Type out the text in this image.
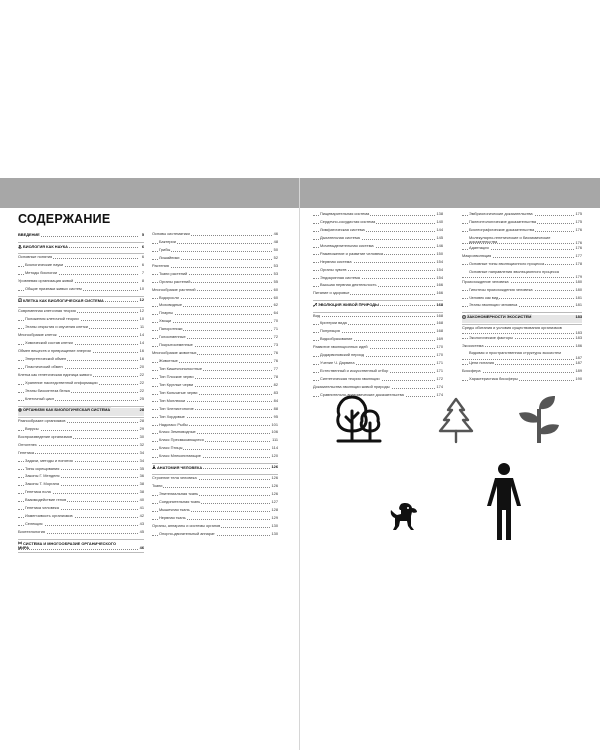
СОДЕРЖАНИЕ
ВВЕДЕНИЕ	5
БИОЛОГИЯ КАК НАУКА	6
Основные понятия	6
Биологические науки	6
Методы биологии	7
Уровневая организация живой	8
Общие признаки живых систем	10
КЛЕТКА КАК БИОЛОГИЧЕСКАЯ СИСТЕМА	12
Современная клеточная теория	12
Положения клеточной теории	10
Этапы открытия и изучения клетки	11
Многообразие клеток	14
Химический состав клетки	14
Обмен веществ и превращение энергии	16
Энергетический обмен	16
Пластический обмен	20
Клетка как генетическая единица живого	22
Хранение наследственной информации	22
Этапы биосинтеза белка	22
Клеточный цикл	25
ОРГАНИЗМ КАК БИОЛОГИЧЕСКАЯ СИСТЕМА	28
Разнообразие организмов	28
Вирусы	29
Воспроизведение организмов	30
Онтогенез	32
Генетика	34
Задачи, методы и понятия	34
Типы скрещивания	35
Законы Г. Менделя	36
Законы Т. Моргана	38
Генетика пола	38
Взаимодействие генов	40
Генетика человека	41
Изменчивость организмов	42
Селекция	43
Биотехнология	45
СИСТЕМА И МНОГООБРАЗИЕ ОРГАНИЧЕСКОГО МИРА	46
Основы систематики	46
Бактерии	48
Грибы	50
Лишайники	52
Растения	53
Ткани растений	53
Органы растений	55
Многообразие растений	60
Водоросли	60
Моховидные	62
Плауны	64
Хвощи	70
Папоротники	71
Голосеменные	72
Покрытосеменные	73
Многообразие животных	76
Животные	76
Тип Кишечнополостные	77
Тип Плоские черви	78
Тип Круглые черви	82
Тип Кольчатые черви	83
Тип Моллюски	84
Тип Членистоногие	88
Тип Хордовые	95
Надкласс Рыбы	101
Класс Земноводные	106
Класс Пресмыкающиеся	111
Класс Птицы	114
Класс Млекопитающие	120
АНАТОМИЯ ЧЕЛОВЕКА	126
Строение тела человека	126
Ткани	126
Эпителиальная ткань	126
Соединительная ткань	127
Мышечная ткань	128
Нервная ткань	129
Органы, аппараты и системы органов	130
Опорно-двигательный аппарат	130
Пищеварительная система	138
Сердечно-сосудистая система	140
Лимфатическая система	144
Дыхательная система	145
Мочевыделительная система	146
Размножение и развитие человека	150
Нервная система	154
Органы чувств	154
Эндокринная система	154
Высшая нервная деятельность	166
Питание и здоровье	166
ЭВОЛЮЦИЯ ЖИВОЙ ПРИРОДЫ	168
Вид	168
Критерии вида	168
Популяция	168
Видообразование	169
Развитие эволюционных идей	170
Додарвиновский период	170
Учение Ч. Дарвина	171
Естественный и искусственный отбор	171
Синтетическая теория эволюции	172
Доказательства эволюции живой природы	174
Сравнительно-анатомические доказательства	174
Эмбриологические доказательства	175
Палеонтологические доказательства	175
Биогеографические доказательства	176
Молекулярно-генетические и биохимические доказательства	176
Адаптация	176
Макроэволюция	177
Основные типы эволюционного процесса	178
Основные направления эволюционного процесса
179
Происхождение человека	180
Гипотезы происхождения человека	180
Человек как вид	181
Этапы эволюции человека	181
ЗАКОНОМЕРНОСТИ ЭКОСИСТЕМ	183
Среды обитания и условия существования организмов
183
Экологические факторы	183
Экосистема	186
Видовая и пространственная структуры экосистем
187
Цепи питания	187
Биосфера	189
Характеристика биосферы	190
